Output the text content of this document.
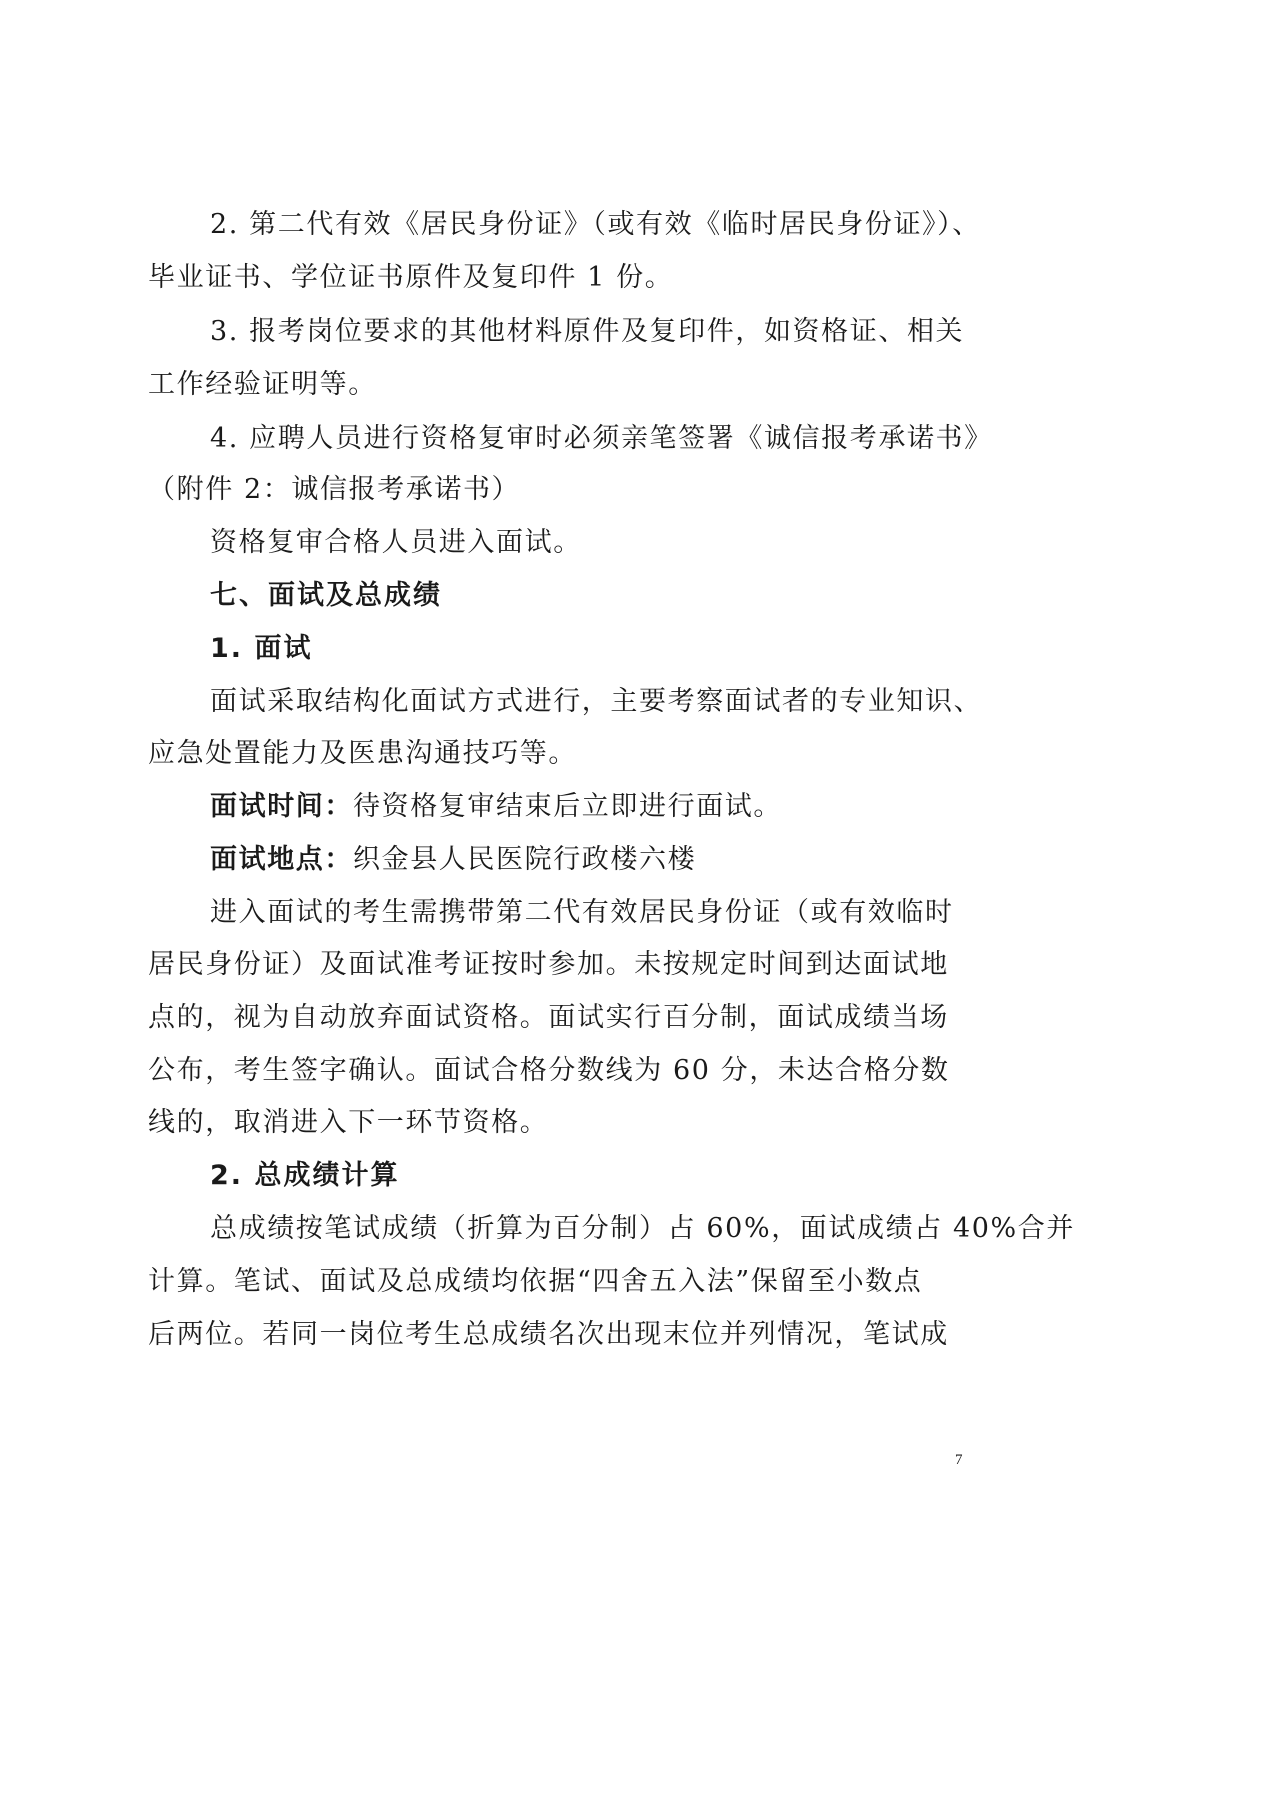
2. 第二代有效《居民身份证》（或有效《临时居民身份证》）、
毕业证书、学位证书原件及复印件 1 份。
3. 报考岗位要求的其他材料原件及复印件，如资格证、相关
工作经验证明等。
4. 应聘人员进行资格复审时必须亲笔签署《诚信报考承诺书》
（附件 2：诚信报考承诺书）
资格复审合格人员进入面试。
七、面试及总成绩
1. 面试
面试采取结构化面试方式进行，主要考察面试者的专业知识、
应急处置能力及医患沟通技巧等。
面试时间：待资格复审结束后立即进行面试。
面试地点：织金县人民医院行政楼六楼
进入面试的考生需携带第二代有效居民身份证（或有效临时
居民身份证）及面试准考证按时参加。未按规定时间到达面试地
点的，视为自动放弃面试资格。面试实行百分制，面试成绩当场
公布，考生签字确认。面试合格分数线为 60 分，未达合格分数
线的，取消进入下一环节资格。
2. 总成绩计算
总成绩按笔试成绩（折算为百分制）占 60%，面试成绩占 40%合并
计算。笔试、面试及总成绩均依据“四舍五入法”保留至小数点
后两位。若同一岗位考生总成绩名次出现末位并列情况，笔试成
7
